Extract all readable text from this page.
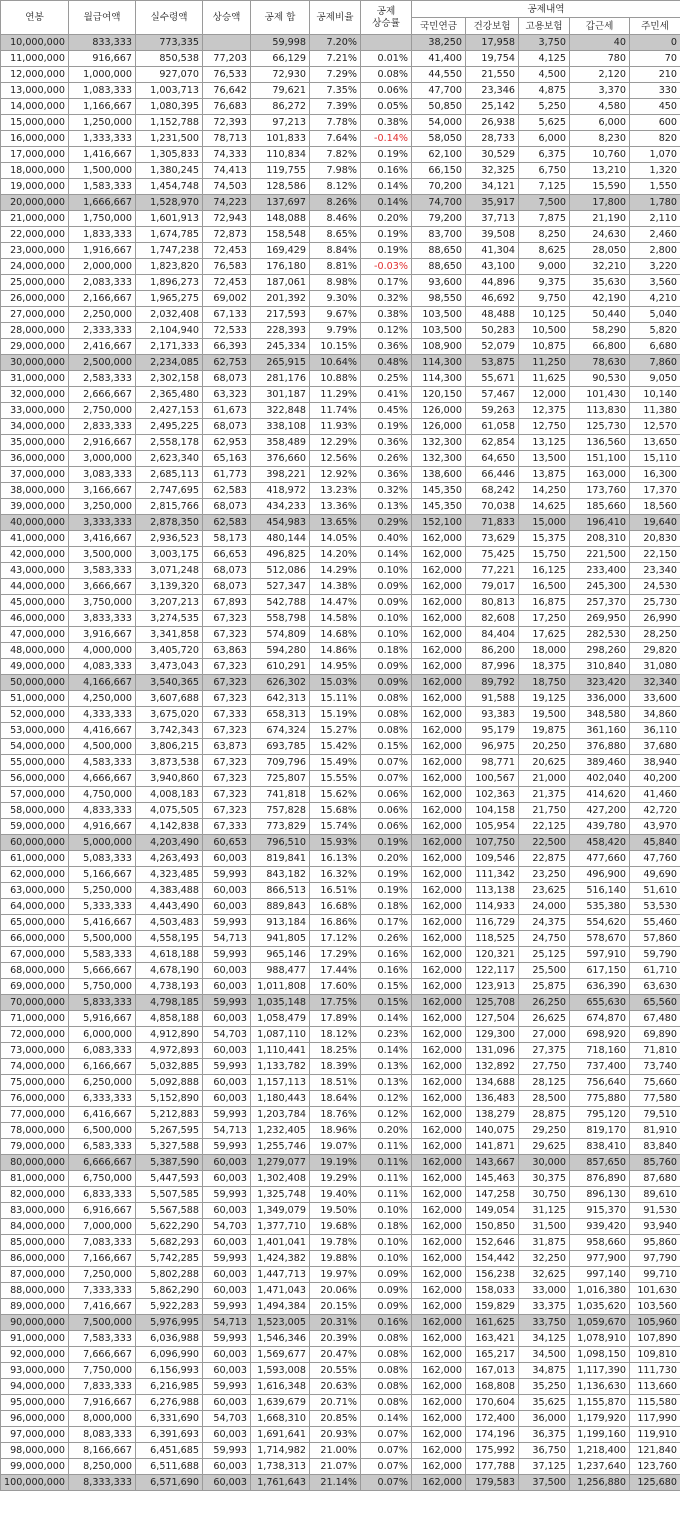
연봉	월급여액	실수령액	상승액	공제 합	공제비율	공제
상승률	공제내역				
							국민연금	건강보험	고용보험	갑근세	주민세
10,000,000	833,333	773,335		59,998	7.20%		38,250	17,958	3,750	40	0
11,000,000	916,667	850,538	77,203	66,129	7.21%	0.01%	41,400	19,754	4,125	780	70
12,000,000	1,000,000	927,070	76,533	72,930	7.29%	0.08%	44,550	21,550	4,500	2,120	210
13,000,000	1,083,333	1,003,713	76,642	79,621	7.35%	0.06%	47,700	23,346	4,875	3,370	330
14,000,000	1,166,667	1,080,395	76,683	86,272	7.39%	0.05%	50,850	25,142	5,250	4,580	450
15,000,000	1,250,000	1,152,788	72,393	97,213	7.78%	0.38%	54,000	26,938	5,625	6,000	600
16,000,000	1,333,333	1,231,500	78,713	101,833	7.64%	-0.14%	58,050	28,733	6,000	8,230	820
17,000,000	1,416,667	1,305,833	74,333	110,834	7.82%	0.19%	62,100	30,529	6,375	10,760	1,070
18,000,000	1,500,000	1,380,245	74,413	119,755	7.98%	0.16%	66,150	32,325	6,750	13,210	1,320
19,000,000	1,583,333	1,454,748	74,503	128,586	8.12%	0.14%	70,200	34,121	7,125	15,590	1,550
20,000,000	1,666,667	1,528,970	74,223	137,697	8.26%	0.14%	74,700	35,917	7,500	17,800	1,780
21,000,000	1,750,000	1,601,913	72,943	148,088	8.46%	0.20%	79,200	37,713	7,875	21,190	2,110
22,000,000	1,833,333	1,674,785	72,873	158,548	8.65%	0.19%	83,700	39,508	8,250	24,630	2,460
23,000,000	1,916,667	1,747,238	72,453	169,429	8.84%	0.19%	88,650	41,304	8,625	28,050	2,800
24,000,000	2,000,000	1,823,820	76,583	176,180	8.81%	-0.03%	88,650	43,100	9,000	32,210	3,220
25,000,000	2,083,333	1,896,273	72,453	187,061	8.98%	0.17%	93,600	44,896	9,375	35,630	3,560
26,000,000	2,166,667	1,965,275	69,002	201,392	9.30%	0.32%	98,550	46,692	9,750	42,190	4,210
27,000,000	2,250,000	2,032,408	67,133	217,593	9.67%	0.38%	103,500	48,488	10,125	50,440	5,040
28,000,000	2,333,333	2,104,940	72,533	228,393	9.79%	0.12%	103,500	50,283	10,500	58,290	5,820
29,000,000	2,416,667	2,171,333	66,393	245,334	10.15%	0.36%	108,900	52,079	10,875	66,800	6,680
30,000,000	2,500,000	2,234,085	62,753	265,915	10.64%	0.48%	114,300	53,875	11,250	78,630	7,860
31,000,000	2,583,333	2,302,158	68,073	281,176	10.88%	0.25%	114,300	55,671	11,625	90,530	9,050
32,000,000	2,666,667	2,365,480	63,323	301,187	11.29%	0.41%	120,150	57,467	12,000	101,430	10,140
33,000,000	2,750,000	2,427,153	61,673	322,848	11.74%	0.45%	126,000	59,263	12,375	113,830	11,380
34,000,000	2,833,333	2,495,225	68,073	338,108	11.93%	0.19%	126,000	61,058	12,750	125,730	12,570
35,000,000	2,916,667	2,558,178	62,953	358,489	12.29%	0.36%	132,300	62,854	13,125	136,560	13,650
36,000,000	3,000,000	2,623,340	65,163	376,660	12.56%	0.26%	132,300	64,650	13,500	151,100	15,110
37,000,000	3,083,333	2,685,113	61,773	398,221	12.92%	0.36%	138,600	66,446	13,875	163,000	16,300
38,000,000	3,166,667	2,747,695	62,583	418,972	13.23%	0.32%	145,350	68,242	14,250	173,760	17,370
39,000,000	3,250,000	2,815,766	68,073	434,233	13.36%	0.13%	145,350	70,038	14,625	185,660	18,560
40,000,000	3,333,333	2,878,350	62,583	454,983	13.65%	0.29%	152,100	71,833	15,000	196,410	19,640
41,000,000	3,416,667	2,936,523	58,173	480,144	14.05%	0.40%	162,000	73,629	15,375	208,310	20,830
42,000,000	3,500,000	3,003,175	66,653	496,825	14.20%	0.14%	162,000	75,425	15,750	221,500	22,150
43,000,000	3,583,333	3,071,248	68,073	512,086	14.29%	0.10%	162,000	77,221	16,125	233,400	23,340
44,000,000	3,666,667	3,139,320	68,073	527,347	14.38%	0.09%	162,000	79,017	16,500	245,300	24,530
45,000,000	3,750,000	3,207,213	67,893	542,788	14.47%	0.09%	162,000	80,813	16,875	257,370	25,730
46,000,000	3,833,333	3,274,535	67,323	558,798	14.58%	0.10%	162,000	82,608	17,250	269,950	26,990
47,000,000	3,916,667	3,341,858	67,323	574,809	14.68%	0.10%	162,000	84,404	17,625	282,530	28,250
48,000,000	4,000,000	3,405,720	63,863	594,280	14.86%	0.18%	162,000	86,200	18,000	298,260	29,820
49,000,000	4,083,333	3,473,043	67,323	610,291	14.95%	0.09%	162,000	87,996	18,375	310,840	31,080
50,000,000	4,166,667	3,540,365	67,323	626,302	15.03%	0.09%	162,000	89,792	18,750	323,420	32,340
51,000,000	4,250,000	3,607,688	67,323	642,313	15.11%	0.08%	162,000	91,588	19,125	336,000	33,600
52,000,000	4,333,333	3,675,020	67,333	658,313	15.19%	0.08%	162,000	93,383	19,500	348,580	34,860
53,000,000	4,416,667	3,742,343	67,323	674,324	15.27%	0.08%	162,000	95,179	19,875	361,160	36,110
54,000,000	4,500,000	3,806,215	63,873	693,785	15.42%	0.15%	162,000	96,975	20,250	376,880	37,680
55,000,000	4,583,333	3,873,538	67,323	709,796	15.49%	0.07%	162,000	98,771	20,625	389,460	38,940
56,000,000	4,666,667	3,940,860	67,323	725,807	15.55%	0.07%	162,000	100,567	21,000	402,040	40,200
57,000,000	4,750,000	4,008,183	67,323	741,818	15.62%	0.06%	162,000	102,363	21,375	414,620	41,460
58,000,000	4,833,333	4,075,505	67,323	757,828	15.68%	0.06%	162,000	104,158	21,750	427,200	42,720
59,000,000	4,916,667	4,142,838	67,333	773,829	15.74%	0.06%	162,000	105,954	22,125	439,780	43,970
60,000,000	5,000,000	4,203,490	60,653	796,510	15.93%	0.19%	162,000	107,750	22,500	458,420	45,840
61,000,000	5,083,333	4,263,493	60,003	819,841	16.13%	0.20%	162,000	109,546	22,875	477,660	47,760
62,000,000	5,166,667	4,323,485	59,993	843,182	16.32%	0.19%	162,000	111,342	23,250	496,900	49,690
63,000,000	5,250,000	4,383,488	60,003	866,513	16.51%	0.19%	162,000	113,138	23,625	516,140	51,610
64,000,000	5,333,333	4,443,490	60,003	889,843	16.68%	0.18%	162,000	114,933	24,000	535,380	53,530
65,000,000	5,416,667	4,503,483	59,993	913,184	16.86%	0.17%	162,000	116,729	24,375	554,620	55,460
66,000,000	5,500,000	4,558,195	54,713	941,805	17.12%	0.26%	162,000	118,525	24,750	578,670	57,860
67,000,000	5,583,333	4,618,188	59,993	965,146	17.29%	0.16%	162,000	120,321	25,125	597,910	59,790
68,000,000	5,666,667	4,678,190	60,003	988,477	17.44%	0.16%	162,000	122,117	25,500	617,150	61,710
69,000,000	5,750,000	4,738,193	60,003	1,011,808	17.60%	0.15%	162,000	123,913	25,875	636,390	63,630
70,000,000	5,833,333	4,798,185	59,993	1,035,148	17.75%	0.15%	162,000	125,708	26,250	655,630	65,560
71,000,000	5,916,667	4,858,188	60,003	1,058,479	17.89%	0.14%	162,000	127,504	26,625	674,870	67,480
72,000,000	6,000,000	4,912,890	54,703	1,087,110	18.12%	0.23%	162,000	129,300	27,000	698,920	69,890
73,000,000	6,083,333	4,972,893	60,003	1,110,441	18.25%	0.14%	162,000	131,096	27,375	718,160	71,810
74,000,000	6,166,667	5,032,885	59,993	1,133,782	18.39%	0.13%	162,000	132,892	27,750	737,400	73,740
75,000,000	6,250,000	5,092,888	60,003	1,157,113	18.51%	0.13%	162,000	134,688	28,125	756,640	75,660
76,000,000	6,333,333	5,152,890	60,003	1,180,443	18.64%	0.12%	162,000	136,483	28,500	775,880	77,580
77,000,000	6,416,667	5,212,883	59,993	1,203,784	18.76%	0.12%	162,000	138,279	28,875	795,120	79,510
78,000,000	6,500,000	5,267,595	54,713	1,232,405	18.96%	0.20%	162,000	140,075	29,250	819,170	81,910
79,000,000	6,583,333	5,327,588	59,993	1,255,746	19.07%	0.11%	162,000	141,871	29,625	838,410	83,840
80,000,000	6,666,667	5,387,590	60,003	1,279,077	19.19%	0.11%	162,000	143,667	30,000	857,650	85,760
81,000,000	6,750,000	5,447,593	60,003	1,302,408	19.29%	0.11%	162,000	145,463	30,375	876,890	87,680
82,000,000	6,833,333	5,507,585	59,993	1,325,748	19.40%	0.11%	162,000	147,258	30,750	896,130	89,610
83,000,000	6,916,667	5,567,588	60,003	1,349,079	19.50%	0.10%	162,000	149,054	31,125	915,370	91,530
84,000,000	7,000,000	5,622,290	54,703	1,377,710	19.68%	0.18%	162,000	150,850	31,500	939,420	93,940
85,000,000	7,083,333	5,682,293	60,003	1,401,041	19.78%	0.10%	162,000	152,646	31,875	958,660	95,860
86,000,000	7,166,667	5,742,285	59,993	1,424,382	19.88%	0.10%	162,000	154,442	32,250	977,900	97,790
87,000,000	7,250,000	5,802,288	60,003	1,447,713	19.97%	0.09%	162,000	156,238	32,625	997,140	99,710
88,000,000	7,333,333	5,862,290	60,003	1,471,043	20.06%	0.09%	162,000	158,033	33,000	1,016,380	101,630
89,000,000	7,416,667	5,922,283	59,993	1,494,384	20.15%	0.09%	162,000	159,829	33,375	1,035,620	103,560
90,000,000	7,500,000	5,976,995	54,713	1,523,005	20.31%	0.16%	162,000	161,625	33,750	1,059,670	105,960
91,000,000	7,583,333	6,036,988	59,993	1,546,346	20.39%	0.08%	162,000	163,421	34,125	1,078,910	107,890
92,000,000	7,666,667	6,096,990	60,003	1,569,677	20.47%	0.08%	162,000	165,217	34,500	1,098,150	109,810
93,000,000	7,750,000	6,156,993	60,003	1,593,008	20.55%	0.08%	162,000	167,013	34,875	1,117,390	111,730
94,000,000	7,833,333	6,216,985	59,993	1,616,348	20.63%	0.08%	162,000	168,808	35,250	1,136,630	113,660
95,000,000	7,916,667	6,276,988	60,003	1,639,679	20.71%	0.08%	162,000	170,604	35,625	1,155,870	115,580
96,000,000	8,000,000	6,331,690	54,703	1,668,310	20.85%	0.14%	162,000	172,400	36,000	1,179,920	117,990
97,000,000	8,083,333	6,391,693	60,003	1,691,641	20.93%	0.07%	162,000	174,196	36,375	1,199,160	119,910
98,000,000	8,166,667	6,451,685	59,993	1,714,982	21.00%	0.07%	162,000	175,992	36,750	1,218,400	121,840
99,000,000	8,250,000	6,511,688	60,003	1,738,313	21.07%	0.07%	162,000	177,788	37,125	1,237,640	123,760
100,000,000	8,333,333	6,571,690	60,003	1,761,643	21.14%	0.07%	162,000	179,583	37,500	1,256,880	125,680
